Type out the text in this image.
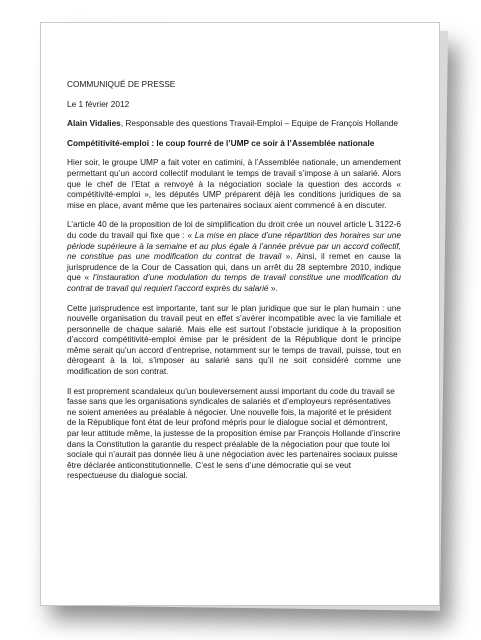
COMMUNIQUÉ DE PRESSE

Le 1 février 2012

Alain Vidalies, Responsable des questions Travail-Emploi – Equipe de François Hollande

Compétitivité-emploi : le coup fourré de l’UMP ce soir à l’Assemblée nationale

Hier soir, le groupe UMP a fait voter en catimini, à l’Assemblée nationale, un amendement permettant qu’un accord collectif modulant le temps de travail s’impose à un salarié. Alors que le chef de l’Etat a renvoyé à la négociation sociale la question des accords « compétitivité-emploi », les députés UMP préparent déjà les conditions juridiques de sa mise en place, avant même que les partenaires sociaux aient commencé à en discuter.

L’article 40 de la proposition de loi de simplification du droit crée un nouvel article L 3122-6 du code du travail qui fixe que : « La mise en place d’une répartition des horaires sur une période supérieure à la semaine et au plus égale à l’année prévue par un accord collectif, ne constitue pas une modification du contrat de travail ». Ainsi, il remet en cause la jurisprudence de la Cour de Cassation qui, dans un arrêt du 28 septembre 2010, indique que « l’instauration d’une modulation du temps de travail constitue une modification du contrat de travail qui requiert l’accord exprès du salarié ».

Cette jurisprudence est importante, tant sur le plan juridique que sur le plan humain : une nouvelle organisation du travail peut en effet s’avérer incompatible avec la vie familiale et personnelle de chaque salarié. Mais elle est surtout l’obstacle juridique à la proposition d’accord compétitivité-emploi émise par le président de la République dont le principe même serait qu’un accord d’entreprise, notamment sur le temps de travail, puisse, tout en dérogeant à la loi, s’imposer au salarié sans qu’il ne soit considéré comme une modification de son contrat.

Il est proprement scandaleux qu’un bouleversement aussi important du code du travail se fasse sans que les organisations syndicales de salariés et d’employeurs représentatives ne soient amenées au préalable à négocier. Une nouvelle fois, la majorité et le président de la République font état de leur profond mépris pour le dialogue social et démontrent, par leur attitude même, la justesse de la proposition émise par François Hollande d’inscrire dans la Constitution la garantie du respect préalable de la négociation pour que toute loi sociale qui n’aurait pas donnée lieu à une négociation avec les partenaires sociaux puisse être déclarée anticonstitutionnelle. C’est le sens d’une démocratie qui se veut respectueuse du dialogue social.
